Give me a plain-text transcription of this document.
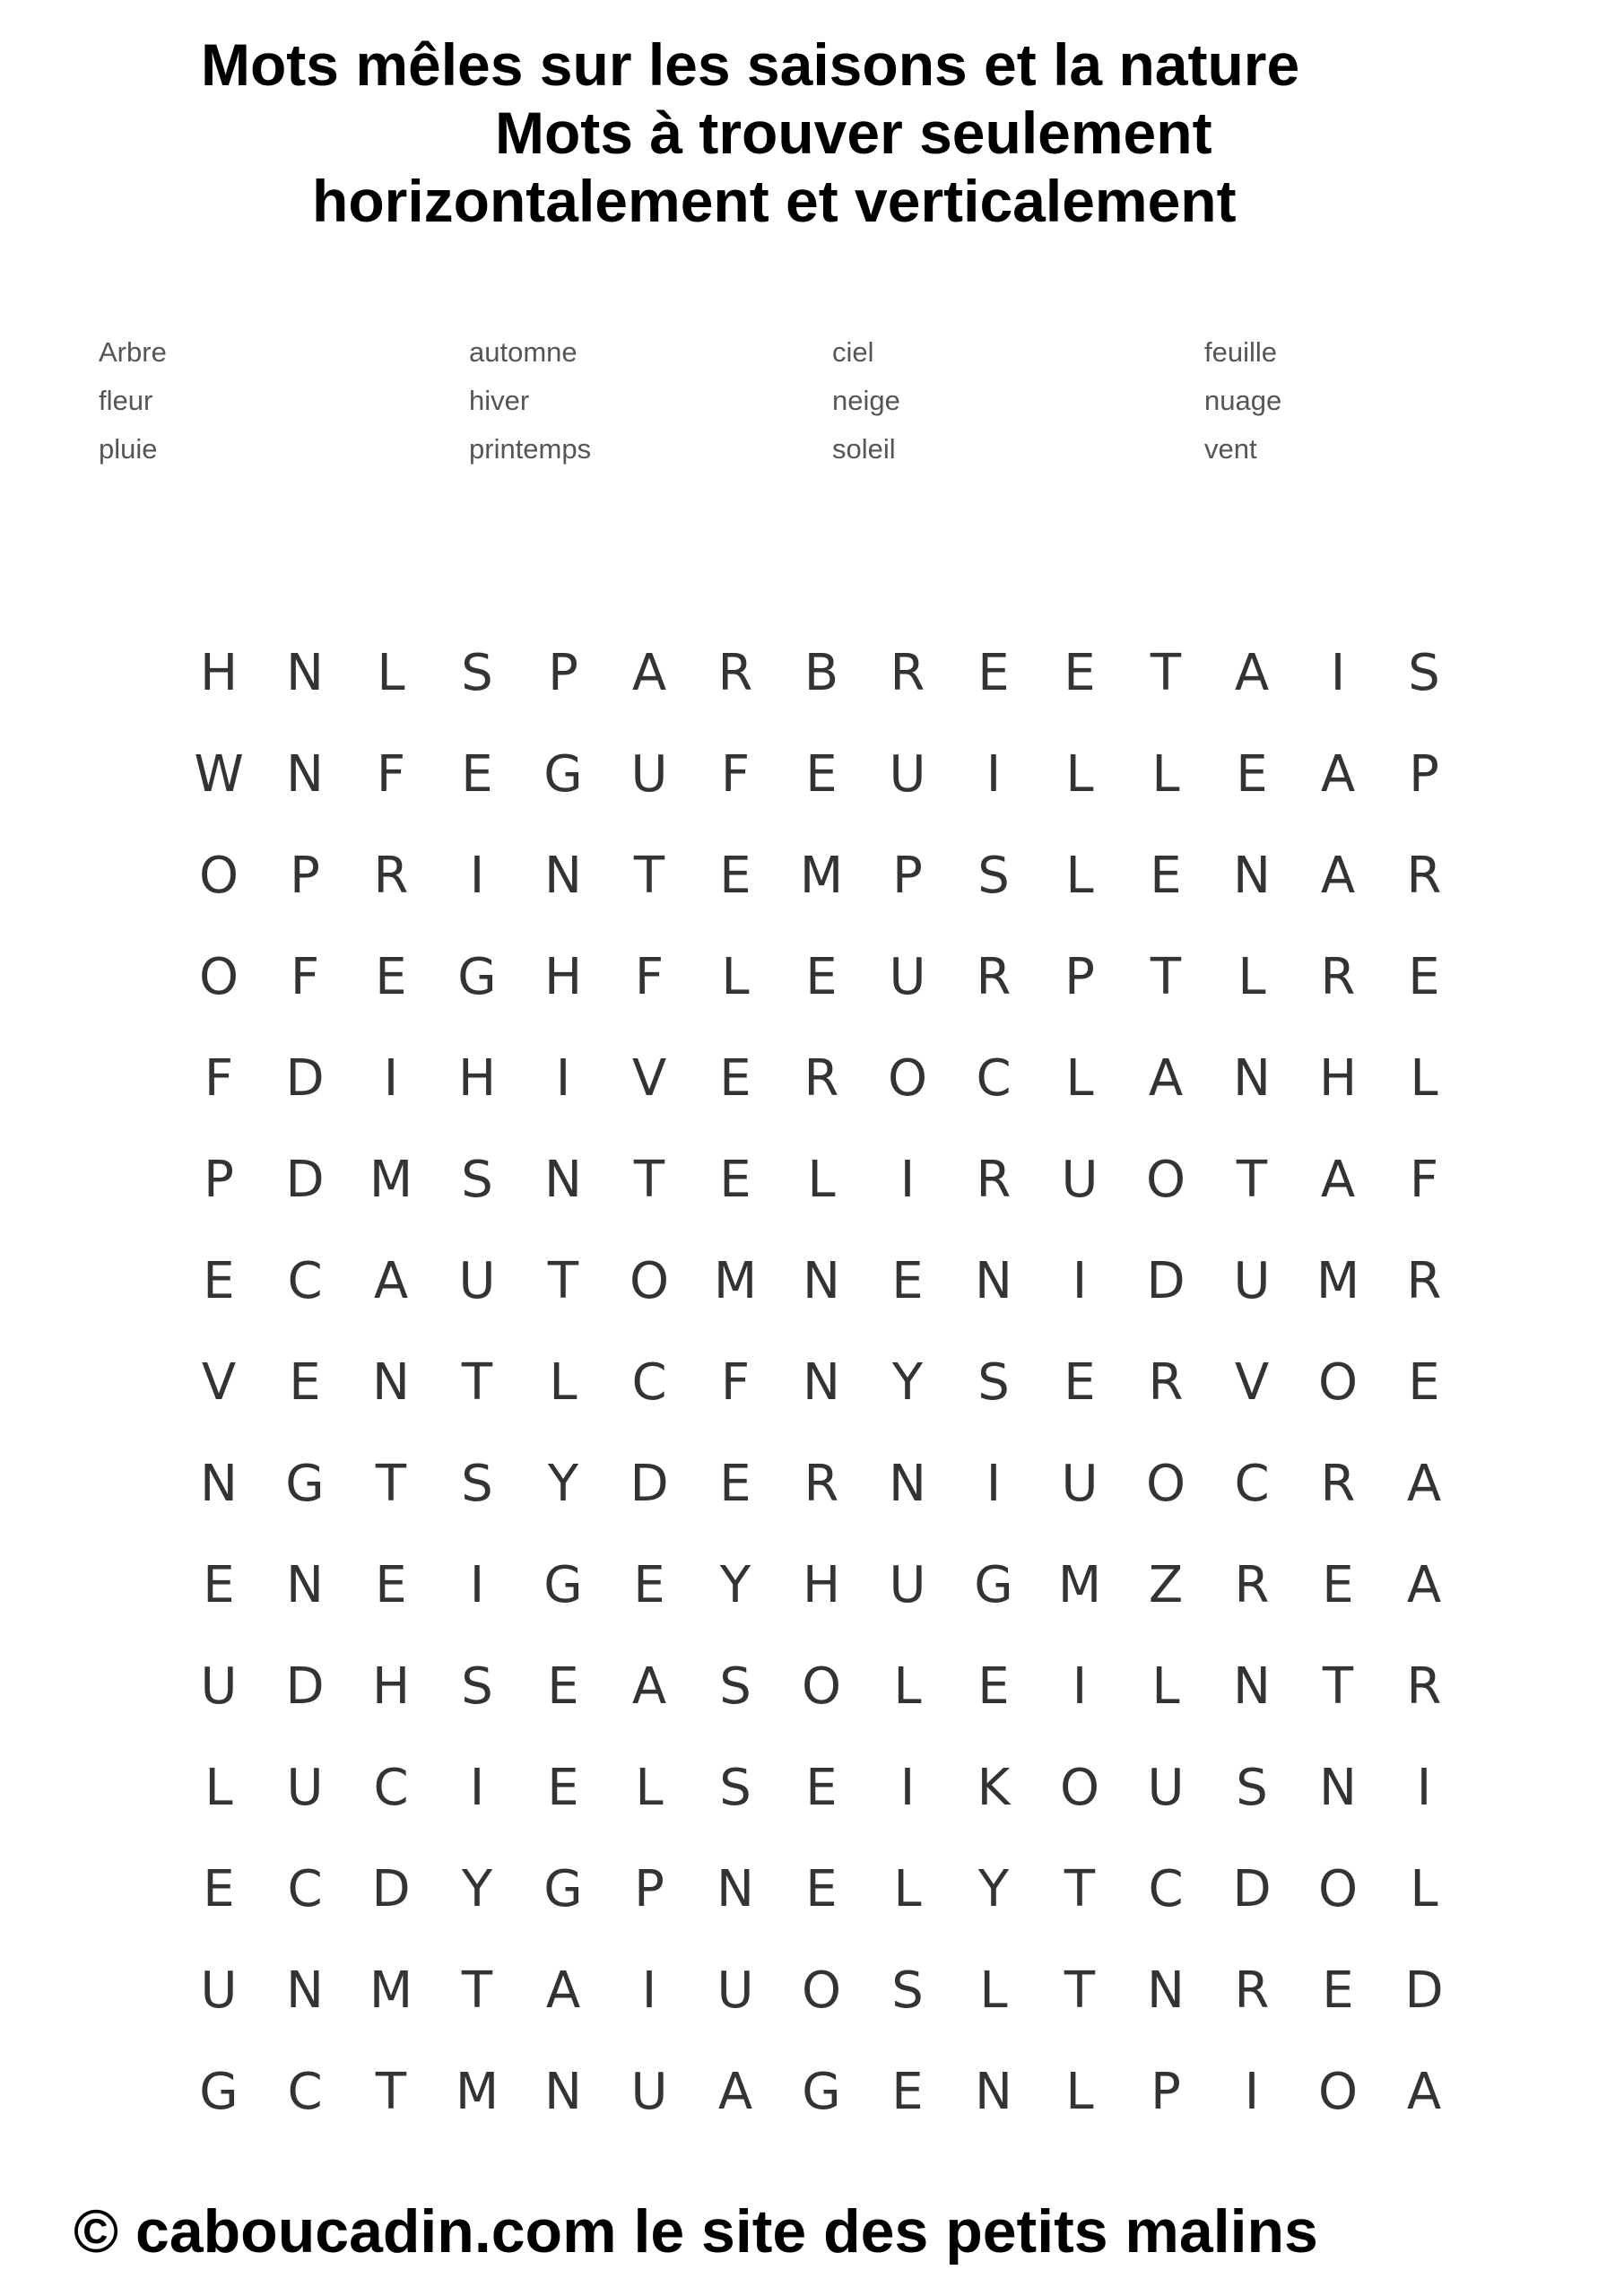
Mots mêles sur les saisons et la nature
Mots à trouver seulement
horizontalement et verticalement
Arbre
fleur
pluie
automne
hiver
printemps
ciel
neige
soleil
feuille
nuage
vent
H N	L	S	P	A	R	B	R	E	E	T	A	I	S
W N	F	E	G U	F	E	U	I	L	L	E	A	P
O	P	R	I	N	T	E M P	S	L	E	N A	R
O	F	E	G H	F	L	E	U	R	P	T	L	R	E
F	D	I	H	I	V	E	R O C	L	A N H	L
P	D M S	N	T	E	L	I	R	U O	T	A	F
E	C	A	U	T	O M N	E	N	I	D U M R
V	E	N	T	L	C	F	N	Y	S	E	R	V O	E
N G	T	S	Y	D	E	R N	I	U O C	R	A
E	N	E	I	G	E	Y	H U G M Z	R	E	A
U D H	S	E	A	S	O	L	E	I	L	N	T	R
L	U C	I	E	L	S	E	I	K O U	S	N	I
E	C D	Y	G	P	N	E	L	Y	T	C D O	L
U N M T	A	I	U O	S	L	T	N R	E	D
G C	T M N U	A G	E	N	L	P	I	O A
© caboucadin.com le site des petits malins
